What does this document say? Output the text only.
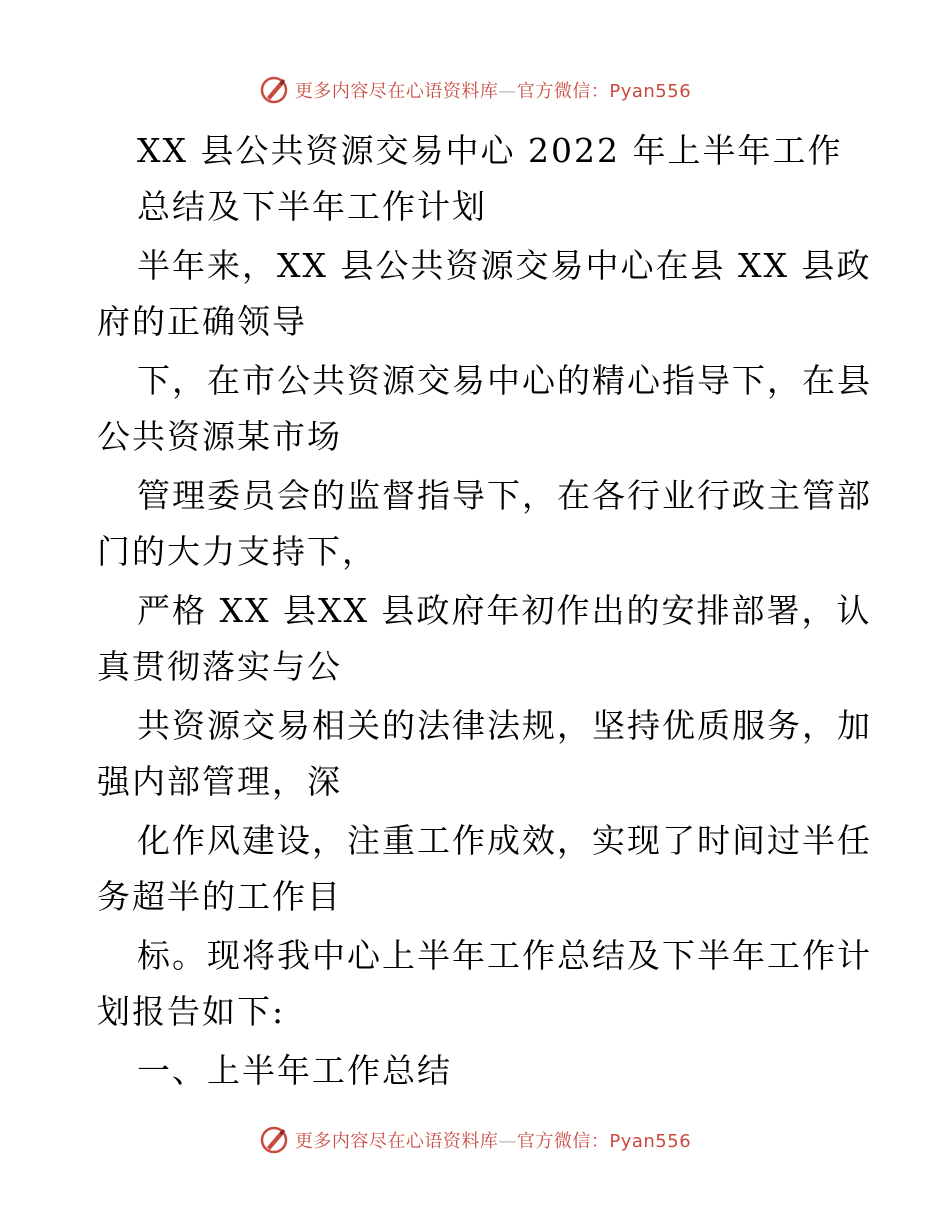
更多内容尽在心语资料库—官方微信：Pyan556
XX 县公共资源交易中心 2022 年上半年工作
总结及下半年工作计划
半年来，XX 县公共资源交易中心在县 XX 县政
府的正确领导
下，在市公共资源交易中心的精心指导下，在县
公共资源某市场
管理委员会的监督指导下，在各行业行政主管部
门的大力支持下，
严格 XX 县XX 县政府年初作出的安排部署，认
真贯彻落实与公
共资源交易相关的法律法规，坚持优质服务，加
强内部管理，深
化作风建设，注重工作成效，实现了时间过半任
务超半的工作目
标。现将我中心上半年工作总结及下半年工作计
划报告如下:
一、上半年工作总结
更多内容尽在心语资料库—官方微信：Pyan556
